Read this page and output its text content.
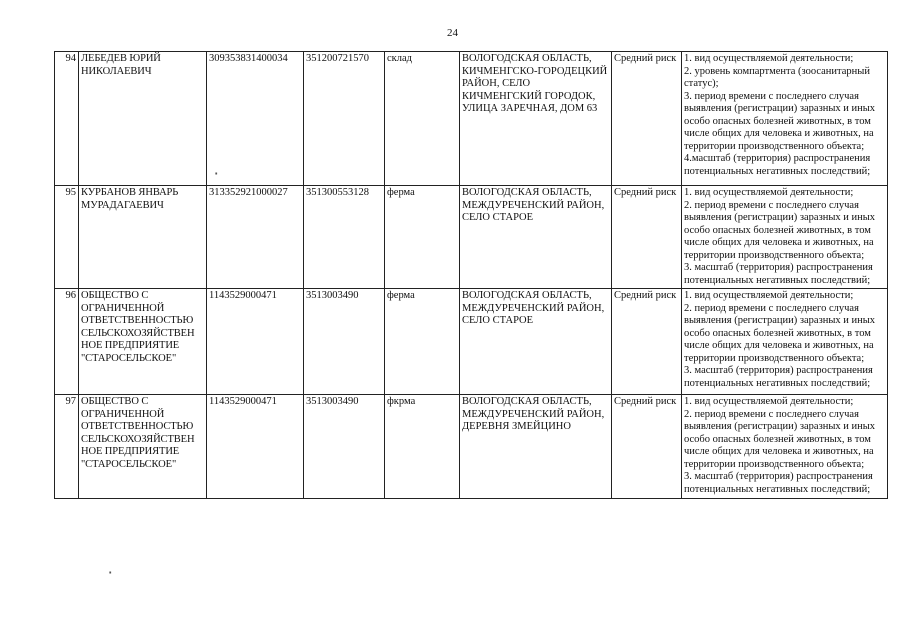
24
94	ЛЕБЕДЕВ ЮРИЙ НИКОЛАЕВИЧ	309353831400034	351200721570	склад	ВОЛОГОДСКАЯ ОБЛАСТЬ, КИЧМЕНГСКО-ГОРОДЕЦКИЙ РАЙОН, СЕЛО КИЧМЕНГСКИЙ ГОРОДОК, УЛИЦА ЗАРЕЧНАЯ, ДОМ 63	Средний риск	1. вид осуществляемой деятельности;
2. уровень компартмента (зоосанитарный статус);
3. период времени с последнего случая выявления (регистрации) заразных и иных особо опасных болезней животных, в том числе общих для человека и животных, на территории производственного объекта;
4.масштаб (территория) распространения потенциальных негативных последствий;

95	КУРБАНОВ ЯНВАРЬ МУРАДАГАЕВИЧ	313352921000027	351300553128	ферма	ВОЛОГОДСКАЯ ОБЛАСТЬ, МЕЖДУРЕЧЕНСКИЙ РАЙОН, СЕЛО СТАРОЕ	Средний риск	1. вид осуществляемой деятельности;
2. период времени с последнего случая выявления (регистрации) заразных и иных особо опасных болезней животных, в том числе общих для человека и животных, на территории производственного объекта;
3. масштаб (территория) распространения потенциальных негативных последствий;

96	ОБЩЕСТВО С ОГРАНИЧЕННОЙ ОТВЕТСТВЕННОСТЬЮ СЕЛЬСКОХОЗЯЙСТВЕН НОЕ ПРЕДПРИЯТИЕ "СТАРОСЕЛЬСКОЕ"	1143529000471	3513003490	ферма	ВОЛОГОДСКАЯ ОБЛАСТЬ, МЕЖДУРЕЧЕНСКИЙ РАЙОН, СЕЛО СТАРОЕ	Средний риск	1. вид осуществляемой деятельности;
2. период времени с последнего случая выявления (регистрации) заразных и иных особо опасных болезней животных, в том числе общих для человека и животных, на территории производственного объекта;
3. масштаб (территория) распространения потенциальных негативных последствий;

97	ОБЩЕСТВО С ОГРАНИЧЕННОЙ ОТВЕТСТВЕННОСТЬЮ СЕЛЬСКОХОЗЯЙСТВЕН НОЕ ПРЕДПРИЯТИЕ "СТАРОСЕЛЬСКОЕ"	1143529000471	3513003490	фкрма	ВОЛОГОДСКАЯ ОБЛАСТЬ, МЕЖДУРЕЧЕНСКИЙ РАЙОН, ДЕРЕВНЯ ЗМЕЙЦИНО	Средний риск	1. вид осуществляемой деятельности;
2. период времени с последнего случая выявления (регистрации) заразных и иных особо опасных болезней животных, в том числе общих для человека и животных, на территории производственного объекта;
3. масштаб (территория) распространения потенциальных негативных последствий;
⬝
⬝
